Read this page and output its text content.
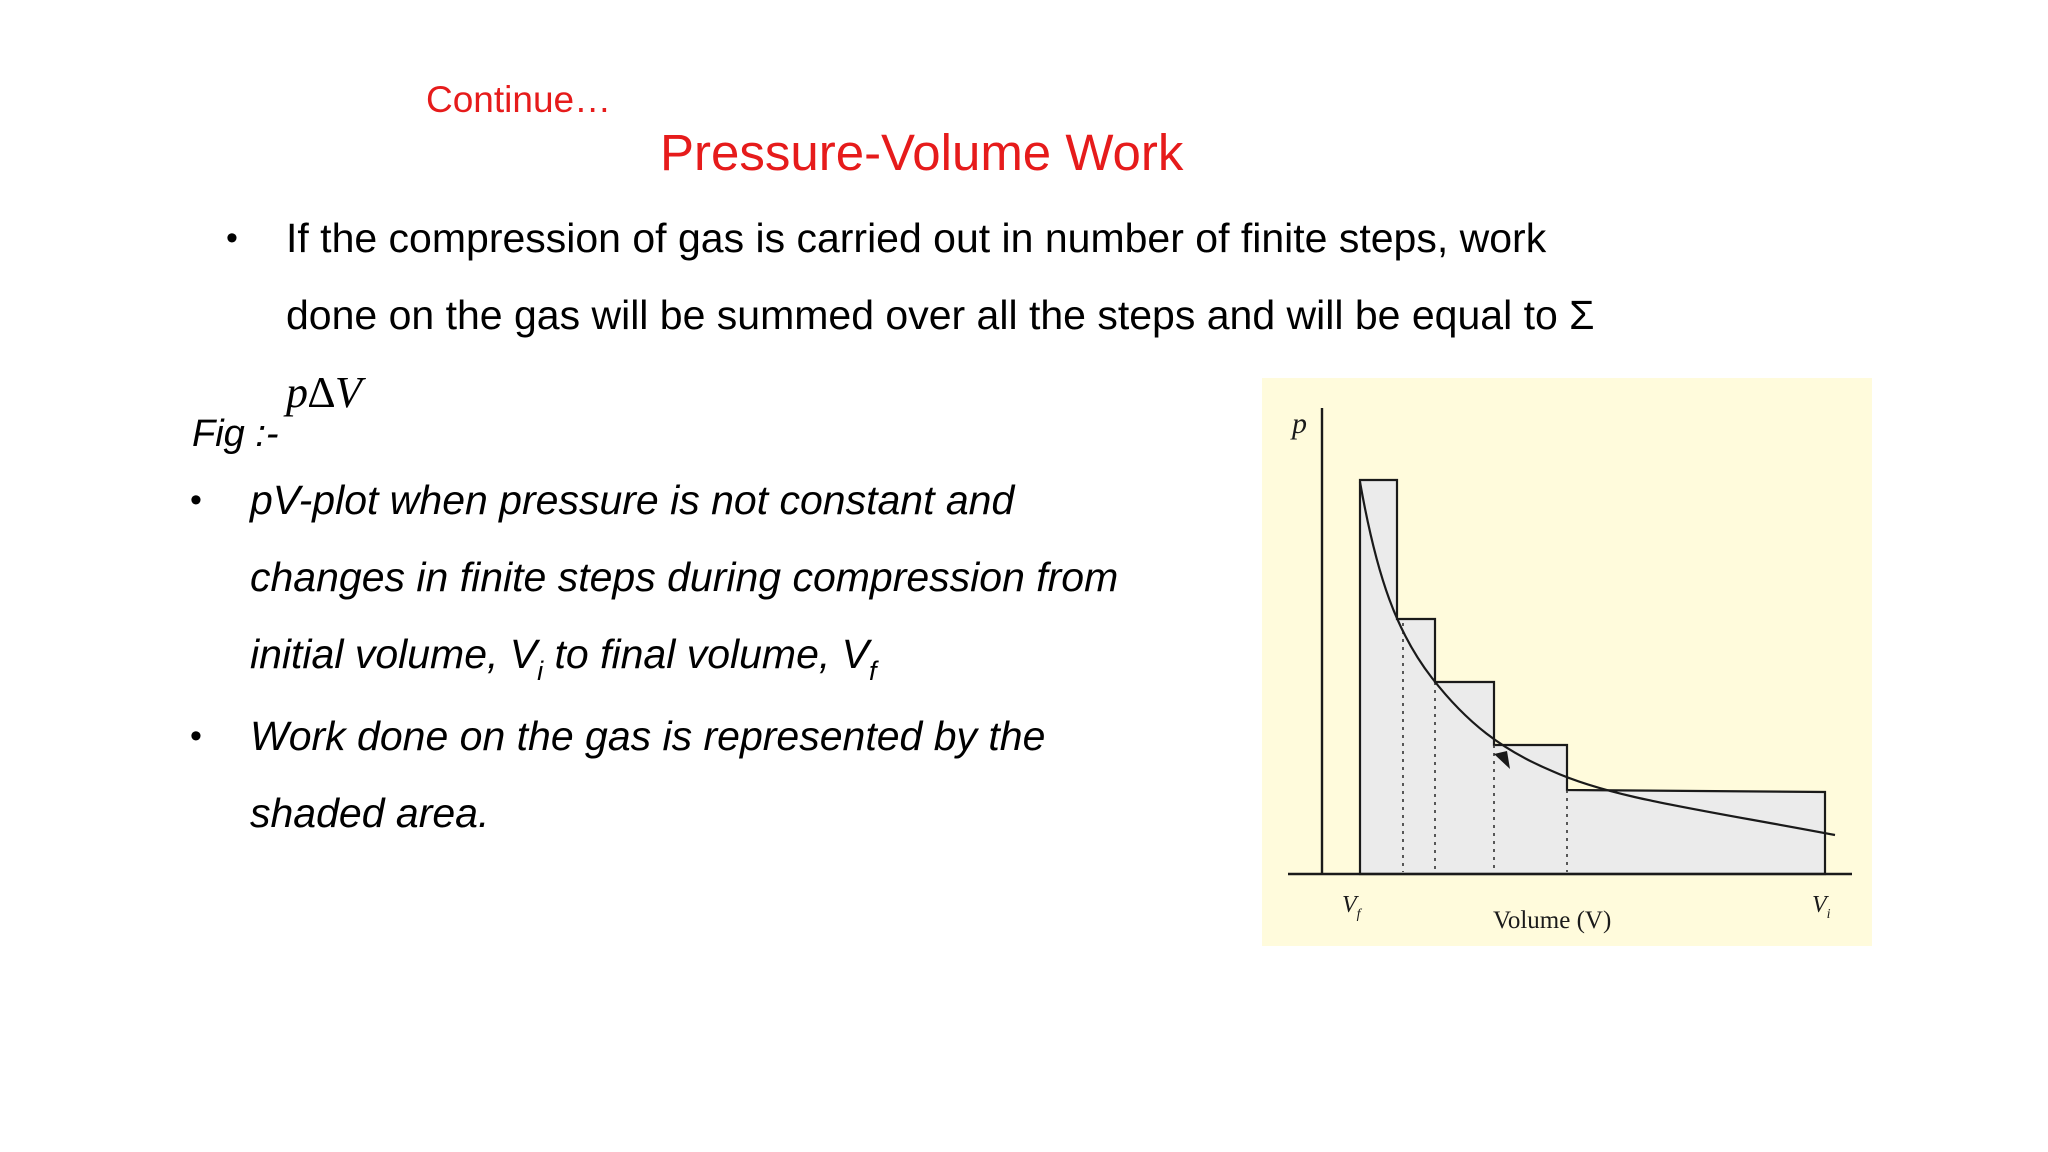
Continue…
Pressure-Volume Work
• If the compression of gas is carried out in number of finite steps, work
done on the gas will be summed over all the steps and will be equal to Σ
p∆V
Fig :-
• pV-plot when pressure is not constant and
changes in finite steps during compression from
initial volume, $V_i$ to final volume, $V_f$
• Work done on the gas is represented by the
shaded area.
p
Volume (V)
$V_f$	$V_i$
